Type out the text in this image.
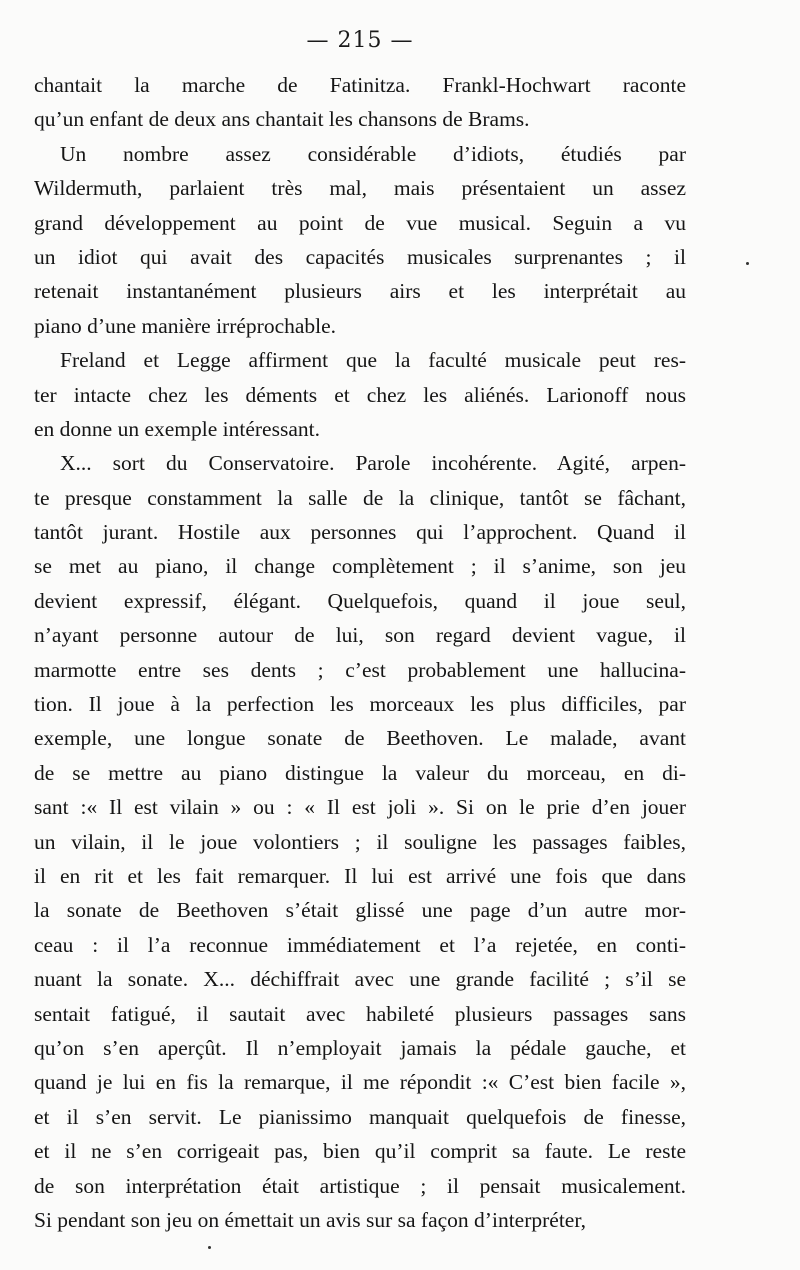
— 215 —
chantait la marche de Fatinitza. Frankl-Hochwart raconte
qu’un enfant de deux ans chantait les chansons de Brams.
Un nombre assez considérable d’idiots, étudiés par
Wildermuth, parlaient très mal, mais présentaient un assez
grand développement au point de vue musical. Seguin a vu
un idiot qui avait des capacités musicales surprenantes ; il
retenait instantanément plusieurs airs et les interprétait au
piano d’une manière irréprochable.
Freland et Legge affirment que la faculté musicale peut res-
ter intacte chez les déments et chez les aliénés. Larionoff nous
en donne un exemple intéressant.
X... sort du Conservatoire. Parole incohérente. Agité, arpen-
te presque constamment la salle de la clinique, tantôt se fâchant,
tantôt jurant. Hostile aux personnes qui l’approchent. Quand il
se met au piano, il change complètement ; il s’anime, son jeu
devient expressif, élégant. Quelquefois, quand il joue seul,
n’ayant personne autour de lui, son regard devient vague, il
marmotte entre ses dents ; c’est probablement une hallucina-
tion. Il joue à la perfection les morceaux les plus difficiles, par
exemple, une longue sonate de Beethoven. Le malade, avant
de se mettre au piano distingue la valeur du morceau, en di-
sant :« Il est vilain » ou : « Il est joli ». Si on le prie d’en jouer
un vilain, il le joue volontiers ; il souligne les passages faibles,
il en rit et les fait remarquer. Il lui est arrivé une fois que dans
la sonate de Beethoven s’était glissé une page d’un autre mor-
ceau : il l’a reconnue immédiatement et l’a rejetée, en conti-
nuant la sonate. X... déchiffrait avec une grande facilité ; s’il se
sentait fatigué, il sautait avec habileté plusieurs passages sans
qu’on s’en aperçût. Il n’employait jamais la pédale gauche, et
quand je lui en fis la remarque, il me répondit :« C’est bien facile »,
et il s’en servit. Le pianissimo manquait quelquefois de finesse,
et il ne s’en corrigeait pas, bien qu’il comprit sa faute. Le reste
de son interprétation était artistique ; il pensait musicalement.
Si pendant son jeu on émettait un avis sur sa façon d’interpréter,
